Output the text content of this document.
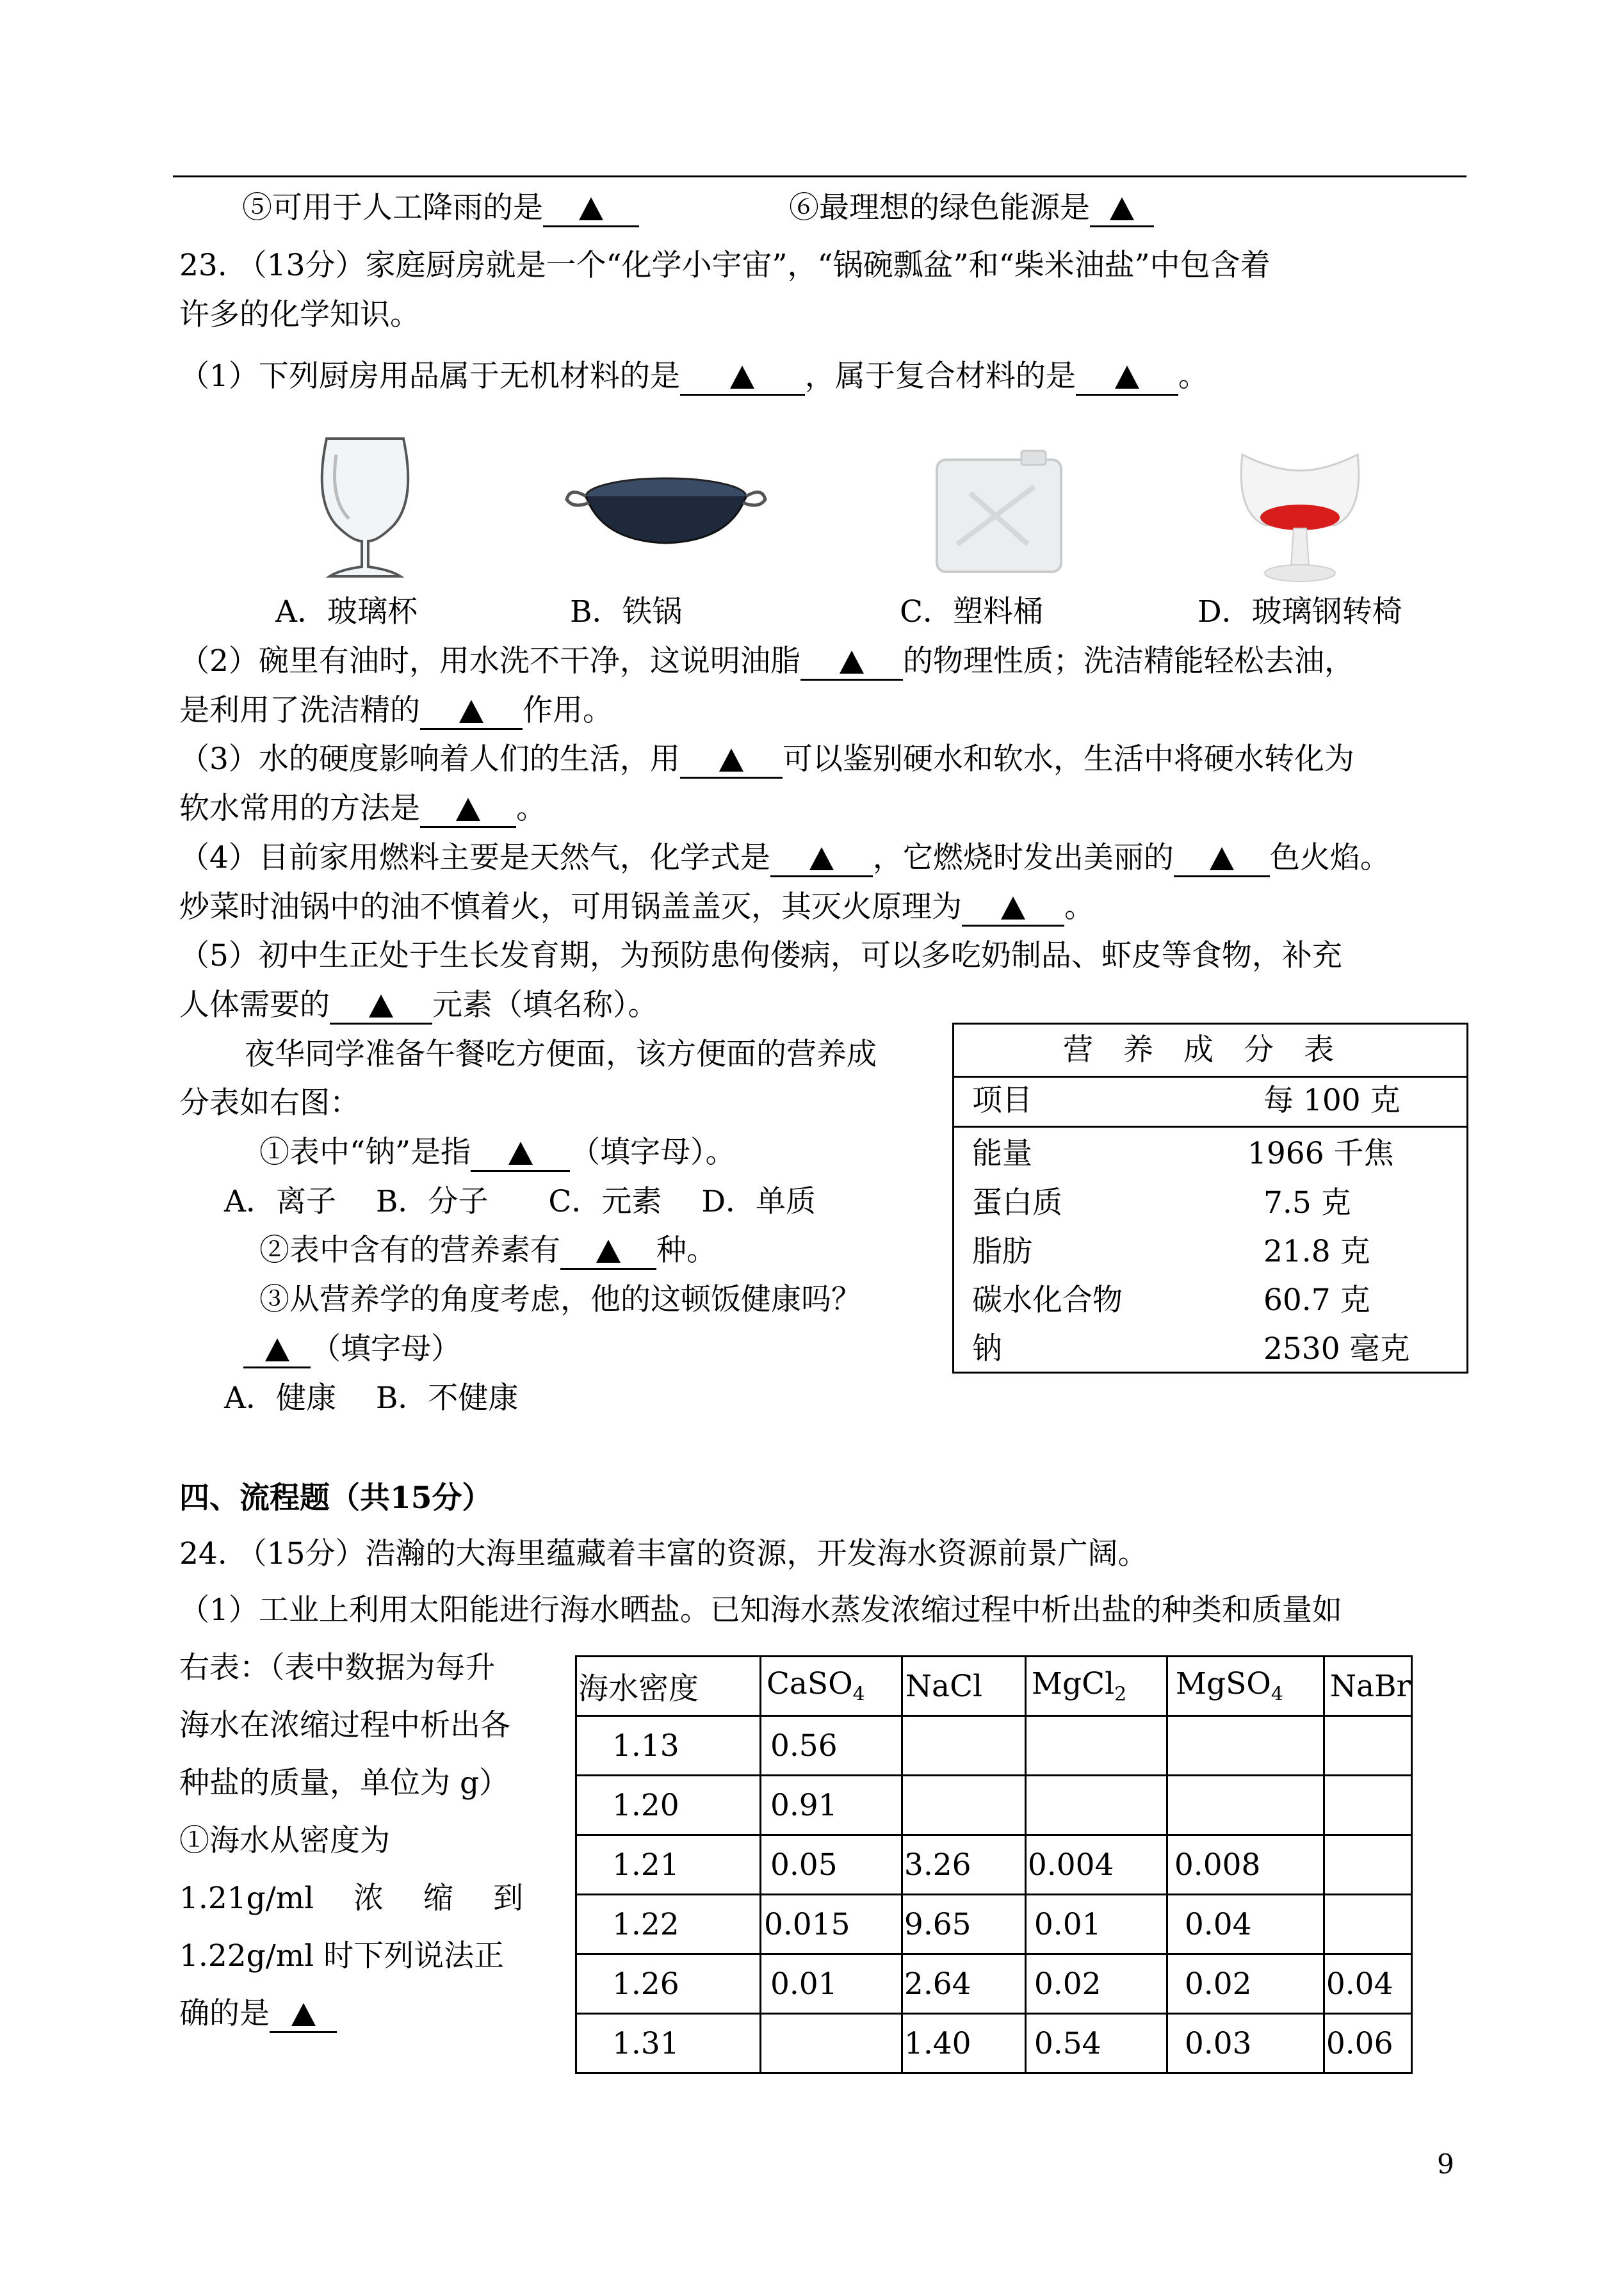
⑤可用于人工降雨的是	⑥最理想的绿色能源是
23. （13分）家庭厨房就是一个“化学小宇宙”，“锅碗瓢盆”和“柴米油盐”中包含着
许多的化学知识。
（1）下列厨房用品属于无机材料的是	，属于复合材料的是	。
A．玻璃杯	B．铁锅	C．塑料桶	D．玻璃钢转椅
（2）碗里有油时，用水洗不干净，这说明油脂	的物理性质；洗洁精能轻松去油，
是利用了洗洁精的	作用。
（3）水的硬度影响着人们的生活，用	可以鉴别硬水和软水，生活中将硬水转化为
软水常用的方法是	。
（4）目前家用燃料主要是天然气，化学式是	，它燃烧时发出美丽的	色火焰。
炒菜时油锅中的油不慎着火，可用锅盖盖灭，其灭火原理为	。
（5）初中生正处于生长发育期，为预防患佝偻病，可以多吃奶制品、虾皮等食物，补充
人体需要的	元素（填名称）。
夜华同学准备午餐吃方便面，该方便面的营养成
分表如右图：
①表中“钠”是指	（填字母）。
A．离子　 B．分子　　C．元素　 D．单质
②表中含有的营养素有	种。
③从营养学的角度考虑，他的这顿饭健康吗？
（填字母）
A．健康　 B．不健康
营　养　成　分　表
项目	每 100 克
能量	1966 千焦
蛋白质	7.5 克
脂肪	21.8 克
碳水化合物	60.7 克
钠	2530 毫克
四、流程题（共15分）
24. （15分）浩瀚的大海里蕴藏着丰富的资源，开发海水资源前景广阔。
（1）工业上利用太阳能进行海水晒盐。已知海水蒸发浓缩过程中析出盐的种类和质量如
右表：（表中数据为每升
海水在浓缩过程中析出各
种盐的质量，单位为 g）
①海水从密度为
1.21g/ml　 浓　 缩　 到
1.22g/ml 时下列说法正
确的是
海水密度	CaSO$_4$	NaCl	MgCl$_2$	MgSO$_4$	NaBr
1.13	0.56				
1.20	0.91				
1.21	0.05	3.26	0.004	0.008	
1.22	0.015	9.65	0.01	0.04	
1.26	0.01	2.64	0.02	0.02	0.04
1.31		1.40	0.54	0.03	0.06
9
